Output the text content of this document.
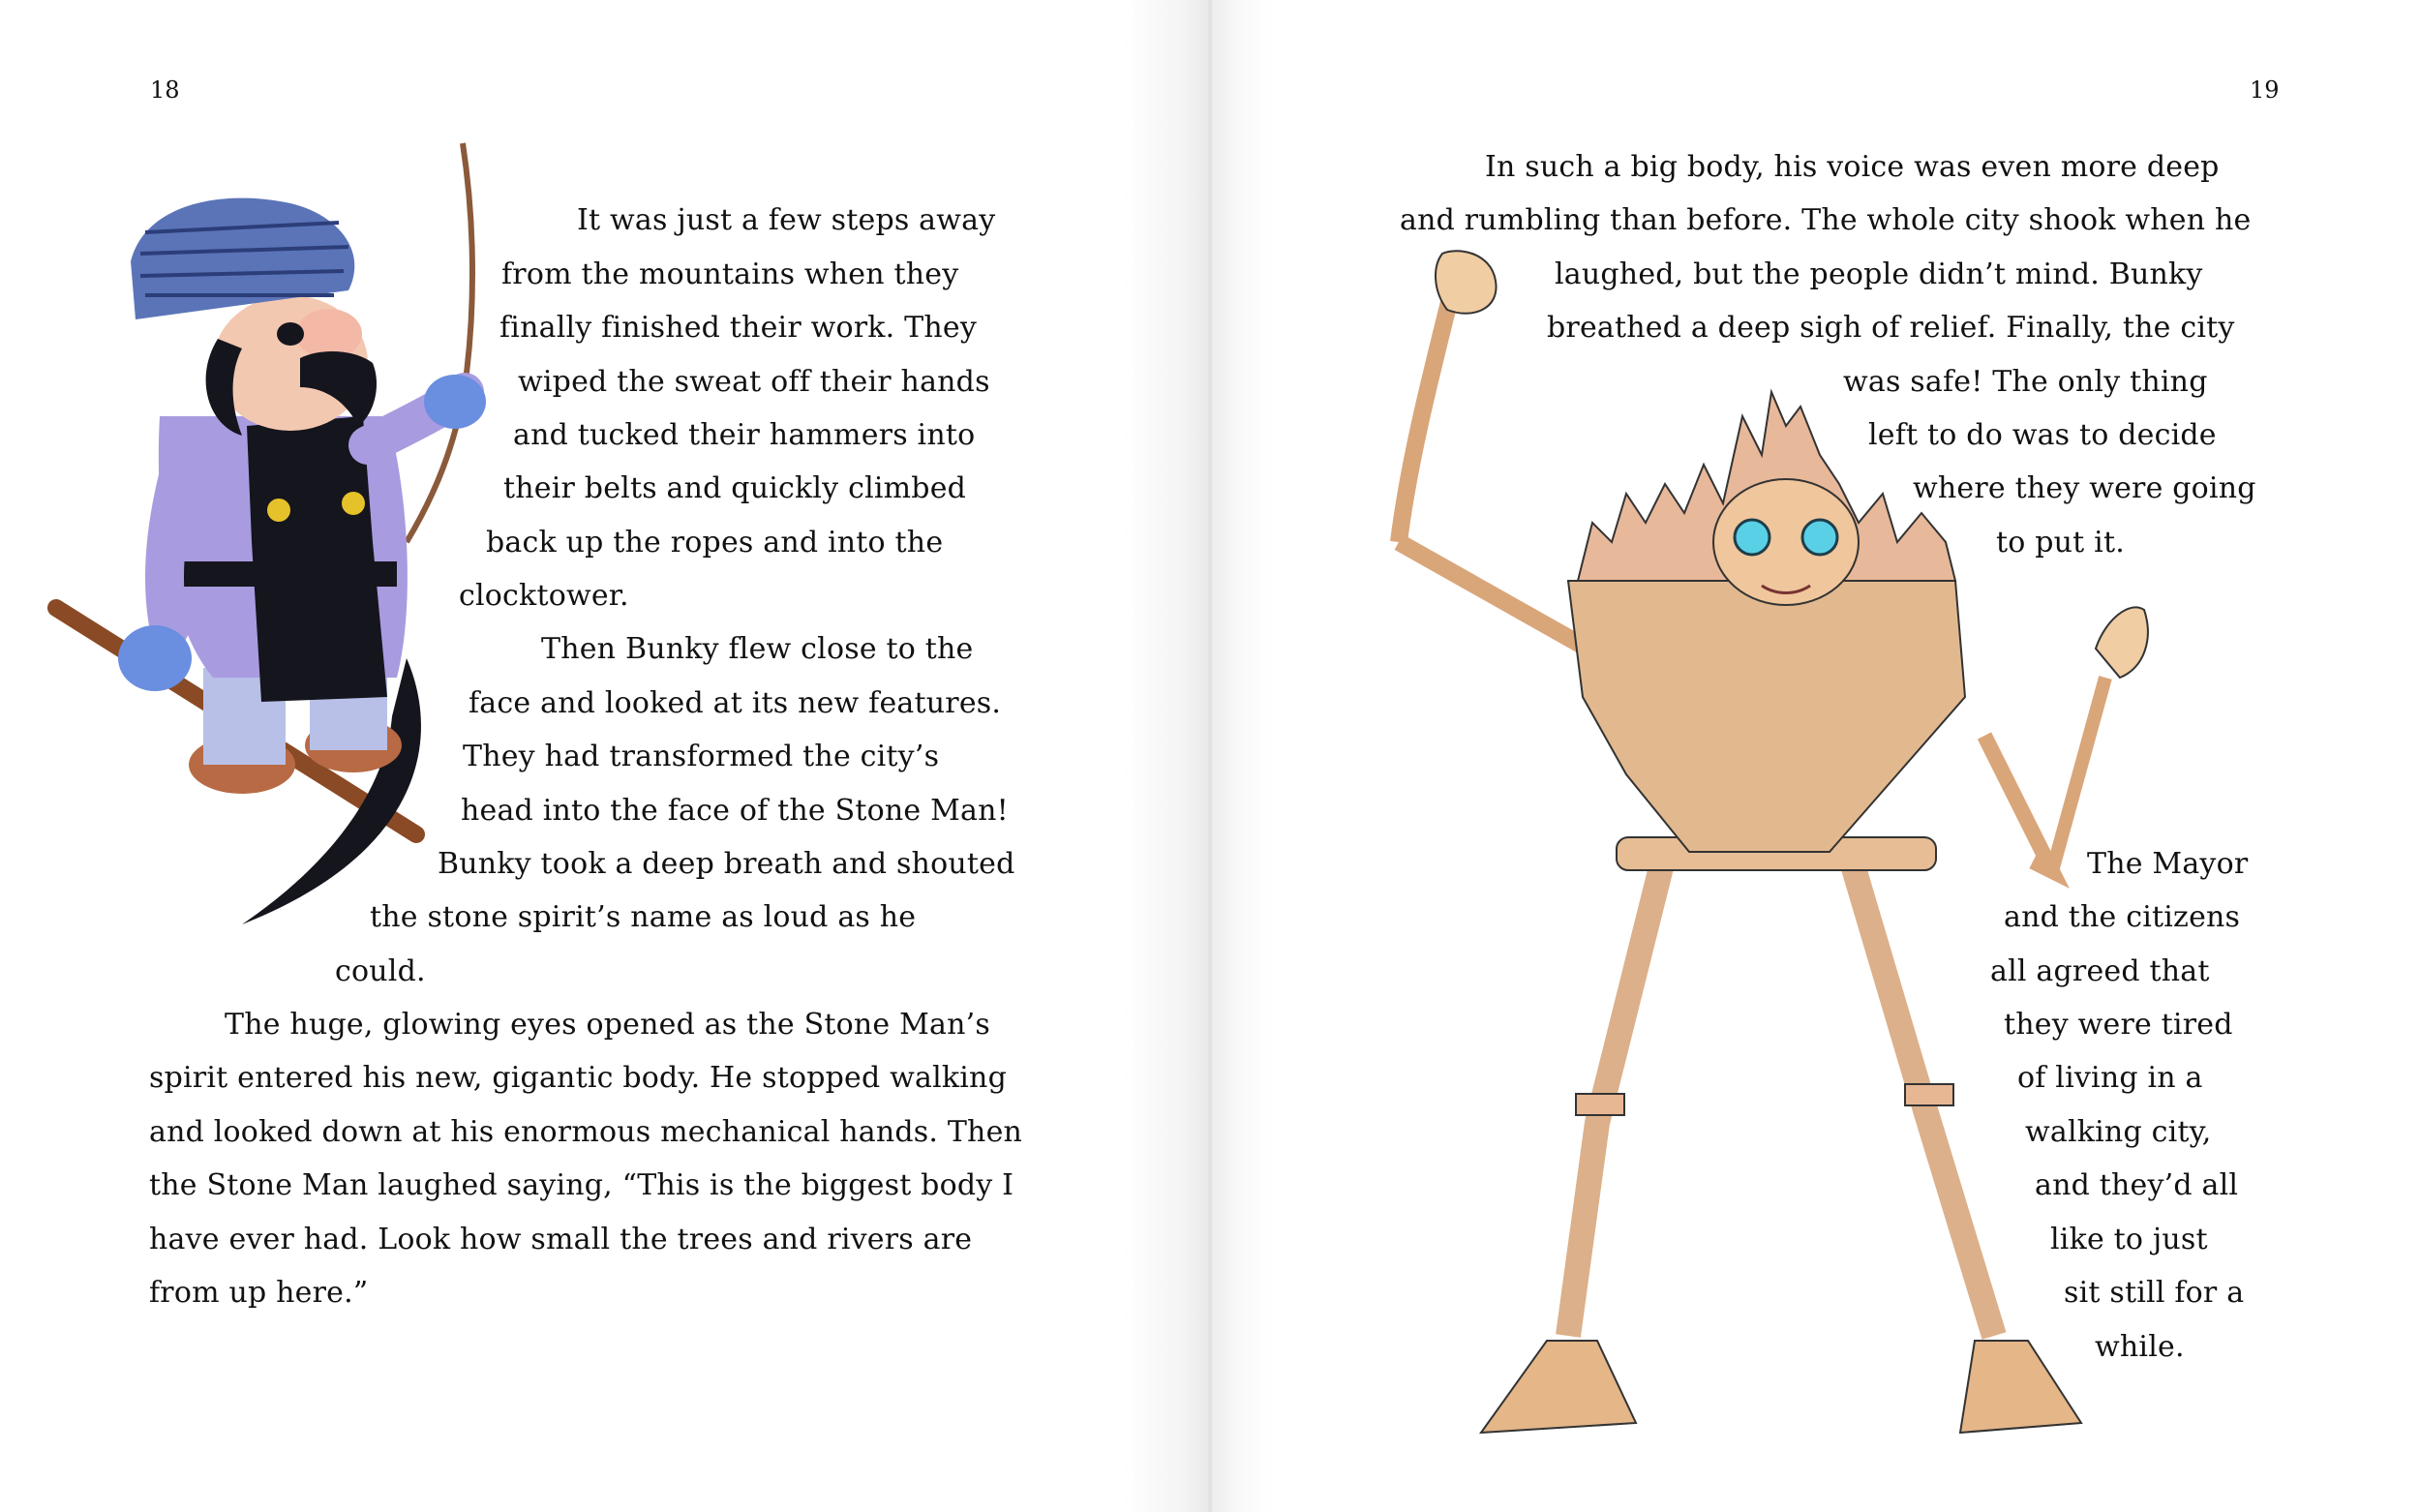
18
It was just a few steps away
from the mountains when they
finally finished their work. They
wiped the sweat off their hands
and tucked their hammers into
their belts and quickly climbed
back up the ropes and into the
clocktower.
Then Bunky flew close to the
face and looked at its new features.
They had transformed the city’s
head into the face of the Stone Man!
Bunky took a deep breath and shouted
the stone spirit’s name as loud as he
could.
The huge, glowing eyes opened as the Stone Man’s
spirit entered his new, gigantic body. He stopped walking
and looked down at his enormous mechanical hands. Then
the Stone Man laughed saying, “This is the biggest body I
have ever had. Look how small the trees and rivers are
from up here.”
19
In such a big body, his voice was even more deep
and rumbling than before. The whole city shook when he
laughed, but the people didn’t mind. Bunky
breathed a deep sigh of relief. Finally, the city
was safe! The only thing
left to do was to decide
where they were going
to put it.
The Mayor
and the citizens
all agreed that
they were tired
of living in a
walking city,
and they’d all
like to just
sit still for a
while.
